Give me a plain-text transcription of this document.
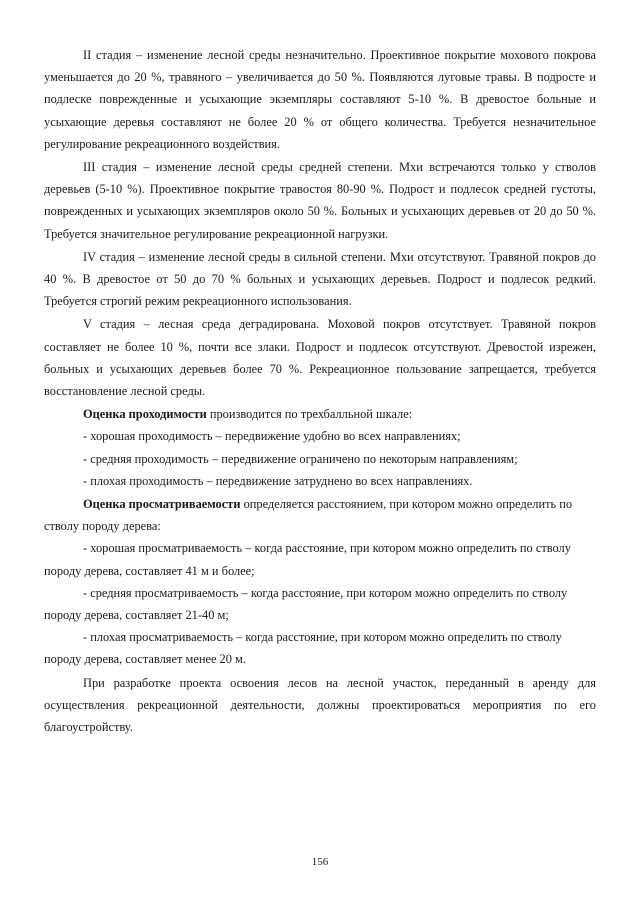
II стадия – изменение лесной среды незначительно. Проективное покрытие мохового покрова уменьшается до 20 %, травяного – увеличивается до 50 %. Появляются луговые травы. В подросте и подлеске поврежденные и усыхающие экземпляры составляют 5-10 %. В древостое больные и усыхающие деревья составляют не более 20 % от общего количества. Требуется незначительное регулирование рекреационного воздействия.

III стадия – изменение лесной среды средней степени. Мхи встречаются только у стволов деревьев (5-10 %). Проективное покрытие травостоя 80-90 %. Подрост и подлесок средней густоты, поврежденных и усыхающих экземпляров около 50 %. Больных и усыхающих деревьев от 20 до 50 %. Требуется значительное регулирование рекреационной нагрузки.

IV стадия – изменение лесной среды в сильной степени. Мхи отсутствуют. Травяной покров до 40 %. В древостое от 50 до 70 % больных и усыхающих деревьев. Подрост и подлесок редкий. Требуется строгий режим рекреационного использования.

V стадия – лесная среда деградирована. Моховой покров отсутствует. Травяной покров составляет не более 10 %, почти все злаки. Подрост и подлесок отсутствуют. Древостой изрежен, больных и усыхающих деревьев более 70 %. Рекреационное пользование запрещается, требуется восстановление лесной среды.

Оценка проходимости производится по трехбалльной шкале:

- хорошая проходимость – передвижение удобно во всех направлениях;

- средняя проходимость – передвижение ограничено по некоторым направлениям;

- плохая проходимость – передвижение затруднено во всех направлениях.

Оценка просматриваемости определяется расстоянием, при котором можно определить по стволу породу дерева:

- хорошая просматриваемость – когда расстояние, при котором можно определить по стволу породу дерева, составляет 41 м и более;

- средняя просматриваемость – когда расстояние, при котором можно определить по стволу породу дерева, составляет 21-40 м;

- плохая просматриваемость – когда расстояние, при котором можно определить по стволу породу дерева, составляет менее 20 м.

При разработке проекта освоения лесов на лесной участок, переданный в аренду для осуществления рекреационной деятельности, должны проектироваться мероприятия по его благоустройству.

156
